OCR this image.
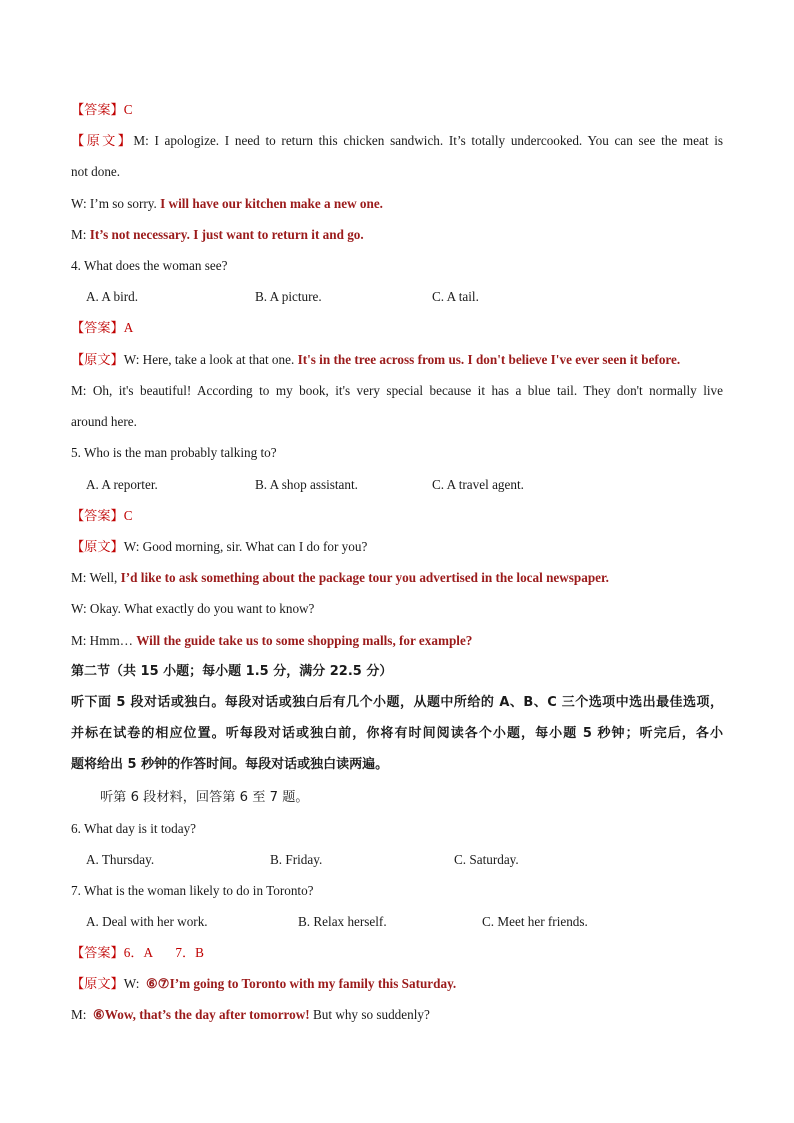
【答案】C
【原文】M: I apologize. I need to return this chicken sandwich. It’s totally undercooked. You can see the meat is
not done.
W: I’m so sorry. I will have our kitchen make a new one.
M: It’s not necessary. I just want to return it and go.
4. What does the woman see?
A. A bird.	B. A picture.	C. A tail.
【答案】A
【原文】W: Here, take a look at that one. It's in the tree across from us. I don't believe I've ever seen it before.
M: Oh, it's beautiful! According to my book, it's very special because it has a blue tail. They don't normally live
around here.
5. Who is the man probably talking to?
A. A reporter.	B. A shop assistant.	C. A travel agent.
【答案】C
【原文】W: Good morning, sir. What can I do for you?
M: Well, I’d like to ask something about the package tour you advertised in the local newspaper.
W: Okay. What exactly do you want to know?
M: Hmm… Will the guide take us to some shopping malls, for example?
第二节（共 15 小题；每小题 1.5 分，满分 22.5 分）
听下面 5 段对话或独白。每段对话或独白后有几个小题，从题中所给的 A、B、C 三个选项中选出最佳选项，
并标在试卷的相应位置。听每段对话或独白前，你将有时间阅读各个小题，每小题 5 秒钟；听完后，各小
题将给出 5 秒钟的作答时间。每段对话或独白读两遍。
听第 6 段材料，回答第 6 至 7 题。
6. What day is it today?
A. Thursday.	B. Friday.	C. Saturday.
7. What is the woman likely to do in Toronto?
A. Deal with her work.	B. Relax herself.	C. Meet her friends.
【答案】6．A       7．B
【原文】W:  ⑥⑦I’m going to Toronto with my family this Saturday.
M:  ⑥Wow, that’s the day after tomorrow! But why so suddenly?
